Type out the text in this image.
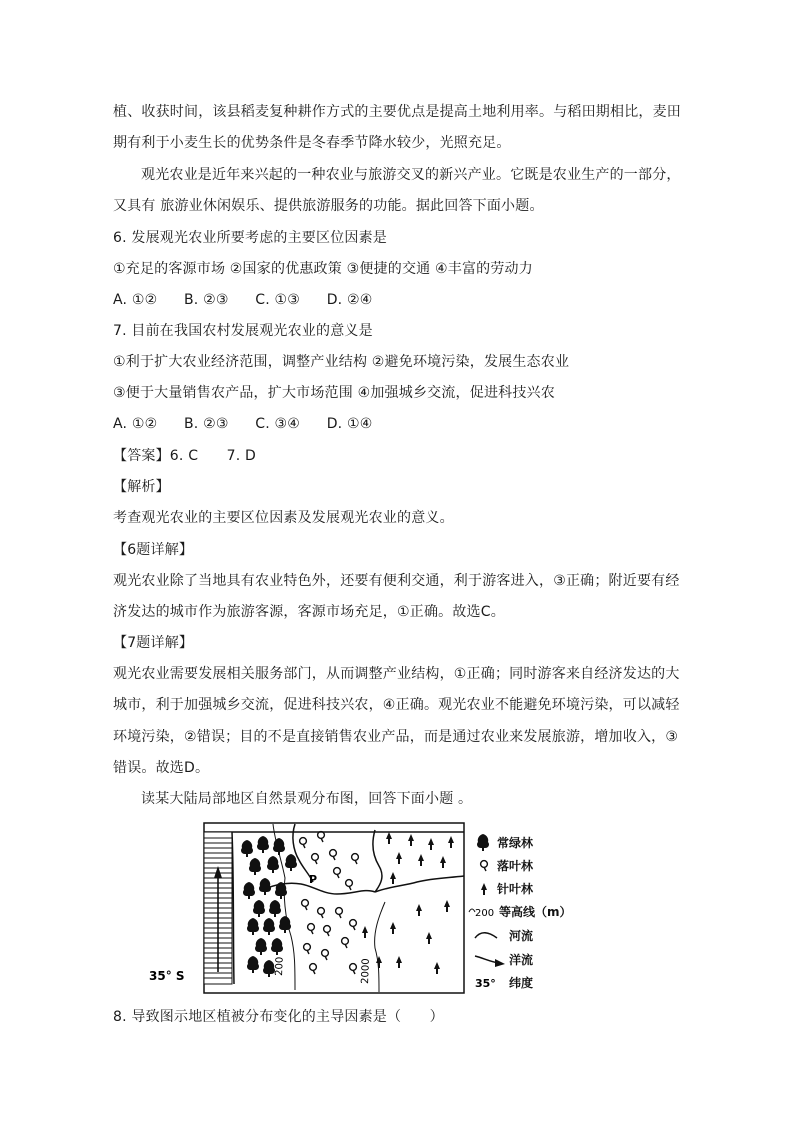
植、收获时间，该县稻麦复种耕作方式的主要优点是提高土地利用率。与稻田期相比，麦田
期有利于小麦生长的优势条件是冬春季节降水较少，光照充足。
观光农业是近年来兴起的一种农业与旅游交叉的新兴产业。它既是农业生产的一部分，
又具有 旅游业休闲娱乐、提供旅游服务的功能。据此回答下面小题。
6. 发展观光农业所要考虑的主要区位因素是
①充足的客源市场 ②国家的优惠政策 ③便捷的交通 ④丰富的劳动力
A. ①② B. ②③ C. ①③ D. ②④
7. 目前在我国农村发展观光农业的意义是
①利于扩大农业经济范围，调整产业结构 ②避免环境污染，发展生态农业
③便于大量销售农产品，扩大市场范围 ④加强城乡交流，促进科技兴农
A. ①② B. ②③ C. ③④ D. ①④
【答案】6. C　　7. D
【解析】
考查观光农业的主要区位因素及发展观光农业的意义。
【6题详解】
观光农业除了当地具有农业特色外，还要有便利交通，利于游客进入，③正确；附近要有经
济发达的城市作为旅游客源，客源市场充足，①正确。故选C。
【7题详解】
观光农业需要发展相关服务部门，从而调整产业结构，①正确；同时游客来自经济发达的大
城市，利于加强城乡交流，促进科技兴农，④正确。观光农业不能避免环境污染，可以减轻
环境污染，②错误；目的不是直接销售农业产品，而是通过农业来发展旅游，增加收入，③
错误。故选D。
读某大陆局部地区自然景观分布图，回答下面小题 。
8. 导致图示地区植被分布变化的主导因素是（　　）
200	2000
P
35° S
常绿林
落叶林
针叶林
200 等高线（m）
河流
洋流
35° 纬度
